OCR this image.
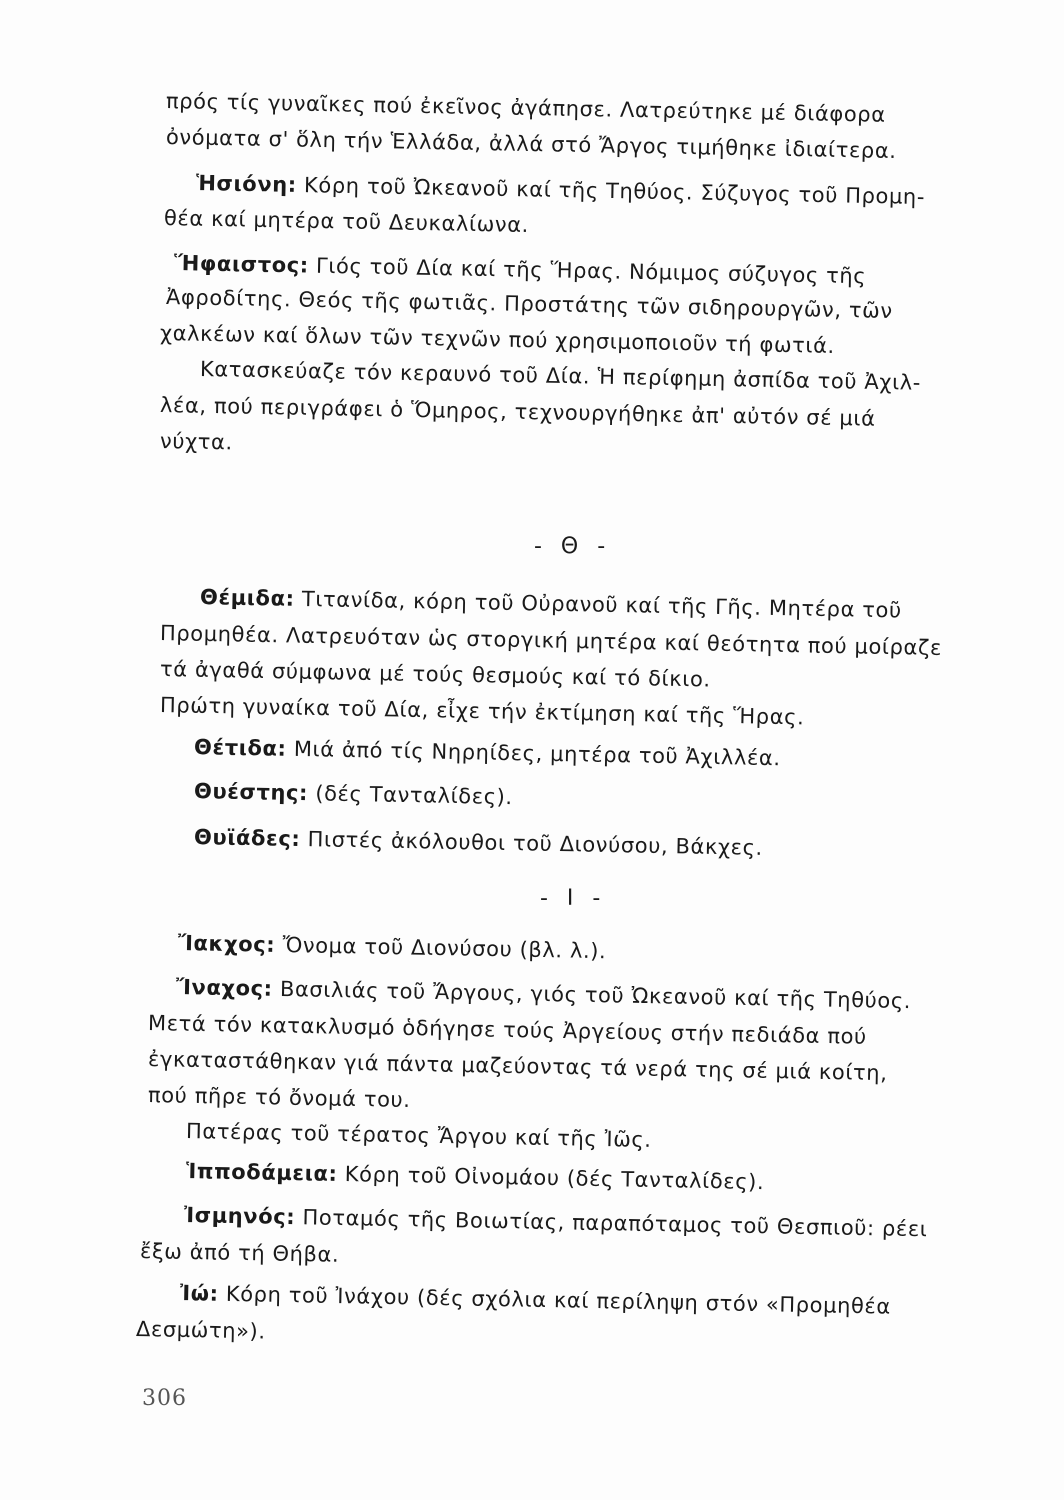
πρός τίς γυναῖκες πού ἐκεῖνος ἀγάπησε. Λατρεύτηκε μέ διάφορα
ὀνόματα σ' ὅλη τήν Ἑλλάδα, ἀλλά στό Ἄργος τιμήθηκε ἰδιαίτερα.
Ἡσιόνη: Κόρη τοῦ Ὠκεανοῦ καί τῆς Τηθύος. Σύζυγος τοῦ Προμη-
θέα καί μητέρα τοῦ Δευκαλίωνα.
Ἥφαιστος: Γιός τοῦ Δία καί τῆς Ἥρας. Νόμιμος σύζυγος τῆς
Ἀφροδίτης. Θεός τῆς φωτιᾶς. Προστάτης τῶν σιδηρουργῶν, τῶν
χαλκέων καί ὅλων τῶν τεχνῶν πού χρησιμοποιοῦν τή φωτιά.
Κατασκεύαζε τόν κεραυνό τοῦ Δία. Ἡ περίφημη ἀσπίδα τοῦ Ἀχιλ-
λέα, πού περιγράφει ὁ Ὅμηρος, τεχνουργήθηκε ἀπ' αὐτόν σέ μιά
νύχτα.
- Θ -
Θέμιδα: Τιτανίδα, κόρη τοῦ Οὐρανοῦ καί τῆς Γῆς. Μητέρα τοῦ
Προμηθέα. Λατρευόταν ὡς στοργική μητέρα καί θεότητα πού μοίραζε
τά ἀγαθά σύμφωνα μέ τούς θεσμούς καί τό δίκιο.
Πρώτη γυναίκα τοῦ Δία, εἶχε τήν ἐκτίμηση καί τῆς Ἥρας.
Θέτιδα: Μιά ἀπό τίς Νηρηίδες, μητέρα τοῦ Ἀχιλλέα.
Θυέστης: (δές Τανταλίδες).
Θυϊάδες: Πιστές ἀκόλουθοι τοῦ Διονύσου, Βάκχες.
- Ι -
Ἴακχος: Ὄνομα τοῦ Διονύσου (βλ. λ.).
Ἴναχος: Βασιλιάς τοῦ Ἄργους, γιός τοῦ Ὠκεανοῦ καί τῆς Τηθύος.
Μετά τόν κατακλυσμό ὁδήγησε τούς Ἀργείους στήν πεδιάδα πού
ἐγκαταστάθηκαν γιά πάντα μαζεύοντας τά νερά της σέ μιά κοίτη,
πού πῆρε τό ὄνομά του.
Πατέρας τοῦ τέρατος Ἄργου καί τῆς Ἰῶς.
Ἱπποδάμεια: Κόρη τοῦ Οἰνομάου (δές Τανταλίδες).
Ἰσμηνός: Ποταμός τῆς Βοιωτίας, παραπόταμος τοῦ Θεσπιοῦ: ρέει
ἔξω ἀπό τή Θήβα.
Ἰώ: Κόρη τοῦ Ἰνάχου (δές σχόλια καί περίληψη στόν «Προμηθέα
Δεσμώτη»).
306
